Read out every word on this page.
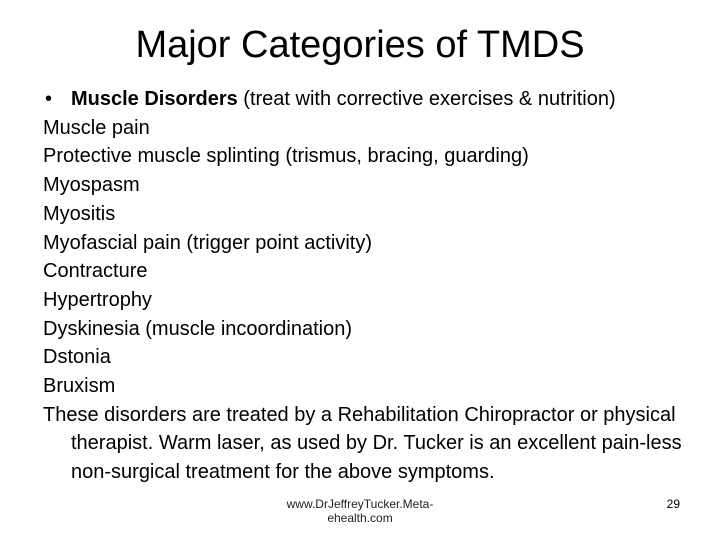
Major Categories of TMDS
• Muscle Disorders (treat with corrective exercises & nutrition)
Muscle pain
Protective muscle splinting (trismus, bracing, guarding)
Myospasm
Myositis
Myofascial pain (trigger point activity)
Contracture
Hypertrophy
Dyskinesia (muscle incoordination)
Dstonia
Bruxism
These disorders are treated by a Rehabilitation Chiropractor or physical therapist. Warm laser, as used by Dr. Tucker is an excellent pain-less non-surgical treatment for the above symptoms.
www.DrJeffreyTucker.Meta-ehealth.com
29
